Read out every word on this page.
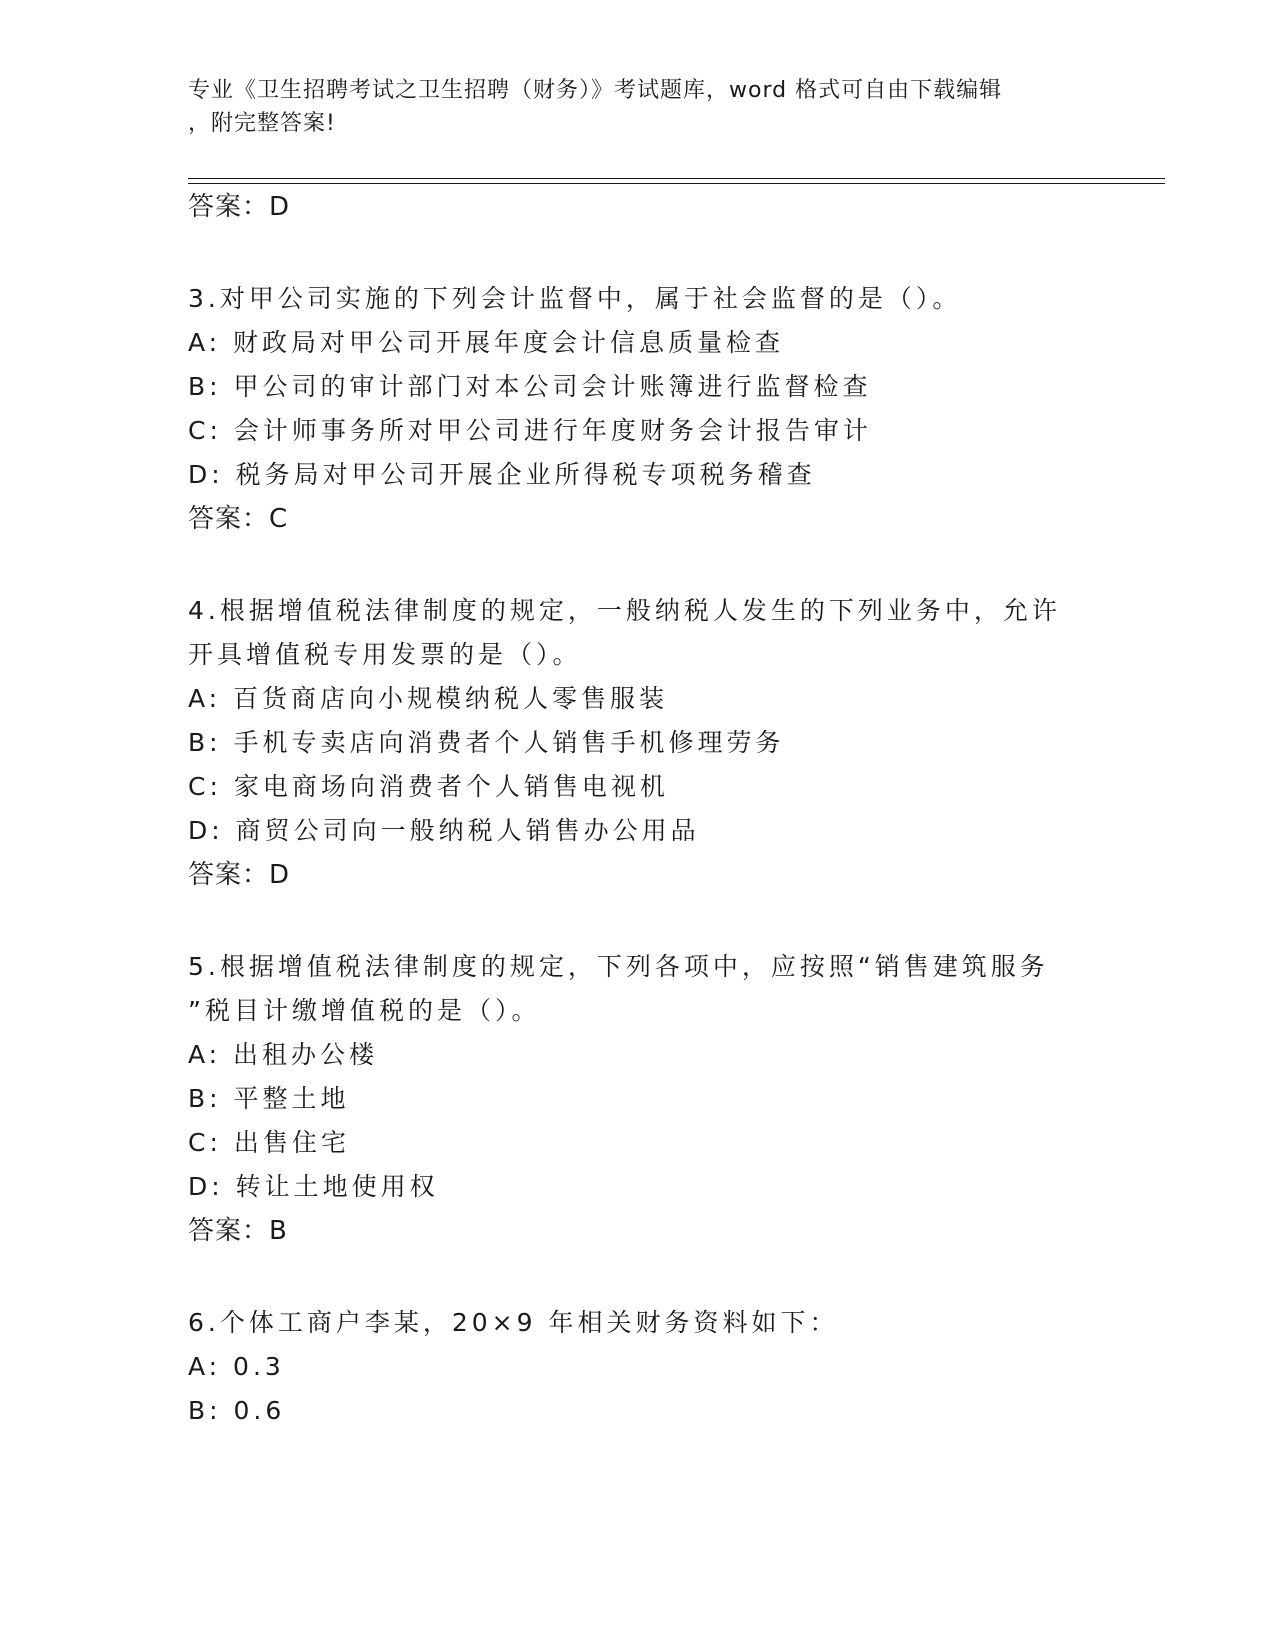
专业《卫生招聘考试之卫生招聘（财务）》考试题库，word 格式可自由下载编辑
，附完整答案!
答案：D
3.对甲公司实施的下列会计监督中，属于社会监督的是（）。
A: 财政局对甲公司开展年度会计信息质量检查
B: 甲公司的审计部门对本公司会计账簿进行监督检查
C: 会计师事务所对甲公司进行年度财务会计报告审计
D: 税务局对甲公司开展企业所得税专项税务稽查
答案：C
4.根据增值税法律制度的规定，一般纳税人发生的下列业务中，允许
开具增值税专用发票的是（）。
A: 百货商店向小规模纳税人零售服装
B: 手机专卖店向消费者个人销售手机修理劳务
C: 家电商场向消费者个人销售电视机
D: 商贸公司向一般纳税人销售办公用品
答案：D
5.根据增值税法律制度的规定，下列各项中，应按照“销售建筑服务
”税目计缴增值税的是（）。
A: 出租办公楼
B: 平整土地
C: 出售住宅
D: 转让土地使用权
答案：B
6.个体工商户李某，20×9 年相关财务资料如下：
A: 0.3
B: 0.6
